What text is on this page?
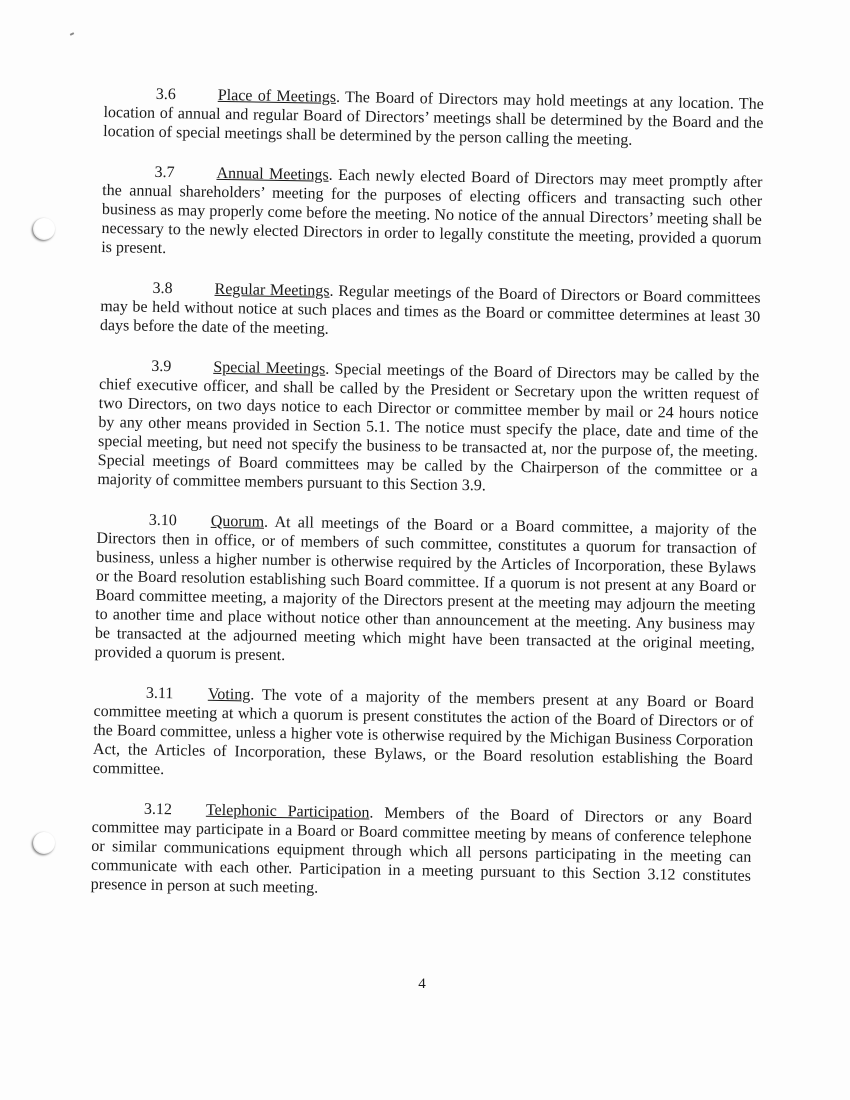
3.6	Place of Meetings. The Board of Directors may hold meetings at any location. The location of annual and regular Board of Directors’ meetings shall be determined by the Board and the location of special meetings shall be determined by the person calling the meeting.

3.7	Annual Meetings. Each newly elected Board of Directors may meet promptly after the annual shareholders’ meeting for the purposes of electing officers and transacting such other business as may properly come before the meeting. No notice of the annual Directors’ meeting shall be necessary to the newly elected Directors in order to legally constitute the meeting, provided a quorum is present.

3.8	Regular Meetings. Regular meetings of the Board of Directors or Board committees may be held without notice at such places and times as the Board or committee determines at least 30 days before the date of the meeting.

3.9	Special Meetings. Special meetings of the Board of Directors may be called by the chief executive officer, and shall be called by the President or Secretary upon the written request of two Directors, on two days notice to each Director or committee member by mail or 24 hours notice by any other means provided in Section 5.1. The notice must specify the place, date and time of the special meeting, but need not specify the business to be transacted at, nor the purpose of, the meeting. Special meetings of Board committees may be called by the Chairperson of the committee or a majority of committee members pursuant to this Section 3.9.

3.10 Quorum. At all meetings of the Board or a Board committee, a majority of the Directors then in office, or of members of such committee, constitutes a quorum for transaction of business, unless a higher number is otherwise required by the Articles of Incorporation, these Bylaws or the Board resolution establishing such Board committee. If a quorum is not present at any Board or Board committee meeting, a majority of the Directors present at the meeting may adjourn the meeting to another time and place without notice other than announcement at the meeting. Any business may be transacted at the adjourned meeting which might have been transacted at the original meeting, provided a quorum is present.

3.11 Voting. The vote of a majority of the members present at any Board or Board committee meeting at which a quorum is present constitutes the action of the Board of Directors or of the Board committee, unless a higher vote is otherwise required by the Michigan Business Corporation Act, the Articles of Incorporation, these Bylaws, or the Board resolution establishing the Board committee.

3.12 Telephonic Participation. Members of the Board of Directors or any Board committee may participate in a Board or Board committee meeting by means of conference telephone or similar communications equipment through which all persons participating in the meeting can communicate with each other. Participation in a meeting pursuant to this Section 3.12 constitutes presence in person at such meeting.

4
